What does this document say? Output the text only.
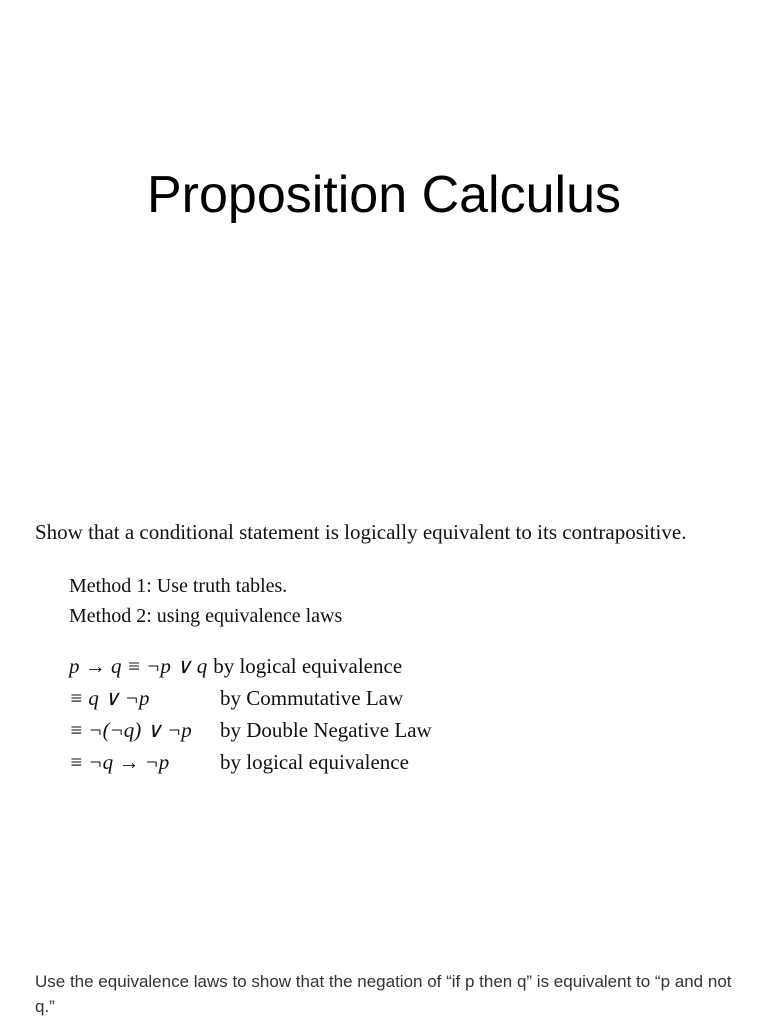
Proposition Calculus

Show that a conditional statement is logically equivalent to its contrapositive.

Method 1: Use truth tables.
Method 2: using equivalence laws
p → q ≡ ¬p ∨ q by logical equivalence
≡ q ∨ ¬p	by Commutative Law
≡ ¬(¬q) ∨ ¬p	by Double Negative Law
≡ ¬q → ¬p	by logical equivalence

Use the equivalence laws to show that the negation of “if p then q” is equivalent to “p and not q.”
